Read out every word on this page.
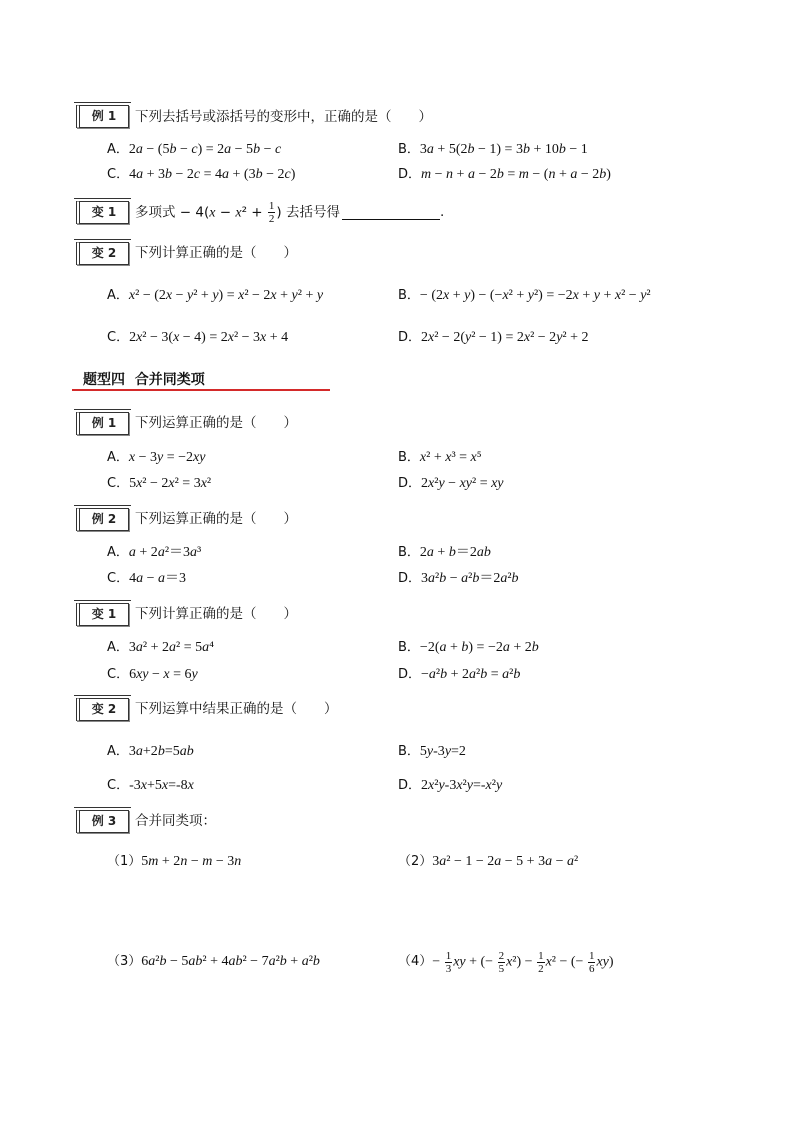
例 1	下列去括号或添括号的变形中，正确的是（　　）
A． 2a − (5b − c) = 2a − 5b − c	B． 3a + 5(2b − 1) = 3b + 10b − 1
C． 4a + 3b − 2c = 4a + (3b − 2c)	D． m − n + a − 2b = m − (n + a − 2b)
变 1	多项式 − $4(x - x^2 + \frac{1}{2}$ ) 去括号得	.
变 2	下列计算正确的是（　　）
A． x² − (2x − y² + y) = x² − 2x + y² + y	B． − (2x + y) − (−x² + y²) = −2x + y + x² − y²
C． 2x² − 3(x − 4) = 2x² − 3x + 4	D． 2x² − 2(y² − 1) = 2x² − 2y² + 2
题型四  合并同类项
例 1	下列运算正确的是（　　）
A． x − 3y = −2xy	B． x² + x³ = x⁵
C． 5x² − 2x² = 3x²	D． 2x²y − xy² = xy
例 2	下列运算正确的是（　　）
A． a + 2a²＝3a³	B． 2a + b＝2ab
C． 4a − a＝3	D． 3a²b − a²b＝2a²b
变 1	下列计算正确的是（　　）
A． 3a² + 2a² = 5a⁴	B． −2(a + b) = −2a + 2b
C． 6xy − x = 6y	D． −a²b + 2a²b = a²b
变 2	下列运算中结果正确的是（　　）
A． 3a+2b=5ab	B． 5y-3y=2
C． -3x+5x=-8x	D． 2x²y-3x²y=-x²y
例 3	合并同类项：
（1） 5m + 2n − m − 3n	（2） 3a² − 1 − 2a − 5 + 3a − a²
（3） 6a²b − 5ab² + 4ab² − 7a²b + a²b	$(4) - \frac{1}{3}$ xy + (− $\frac{2}{5} x^2) - \frac{1}{2} x^2$ − (− $\frac{1}{6} xy$)
